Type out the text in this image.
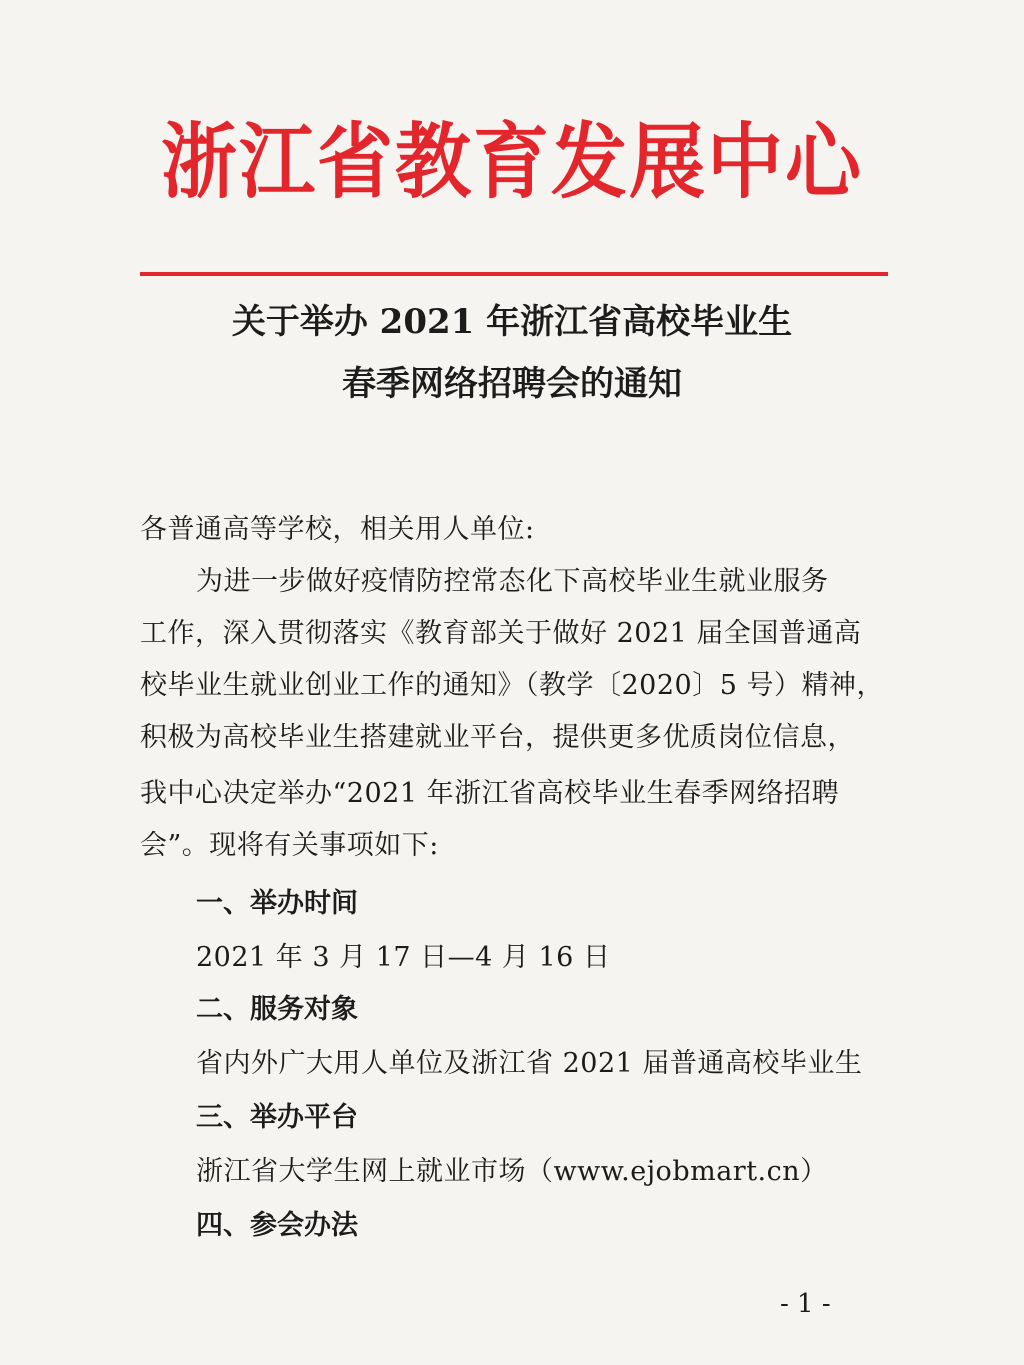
浙江省教育发展中心
关于举办 2021 年浙江省高校毕业生
春季网络招聘会的通知
各普通高等学校，相关用人单位:
为进一步做好疫情防控常态化下高校毕业生就业服务
工作，深入贯彻落实《教育部关于做好 2021 届全国普通高
校毕业生就业创业工作的通知》（教学〔2020〕5 号）精神，
积极为高校毕业生搭建就业平台，提供更多优质岗位信息，
我中心决定举办“2021 年浙江省高校毕业生春季网络招聘
会”。现将有关事项如下:
一、举办时间
2021 年 3 月 17 日—4 月 16 日
二、服务对象
省内外广大用人单位及浙江省 2021 届普通高校毕业生
三、举办平台
浙江省大学生网上就业市场（www.ejobmart.cn）
四、参会办法
- 1 -
